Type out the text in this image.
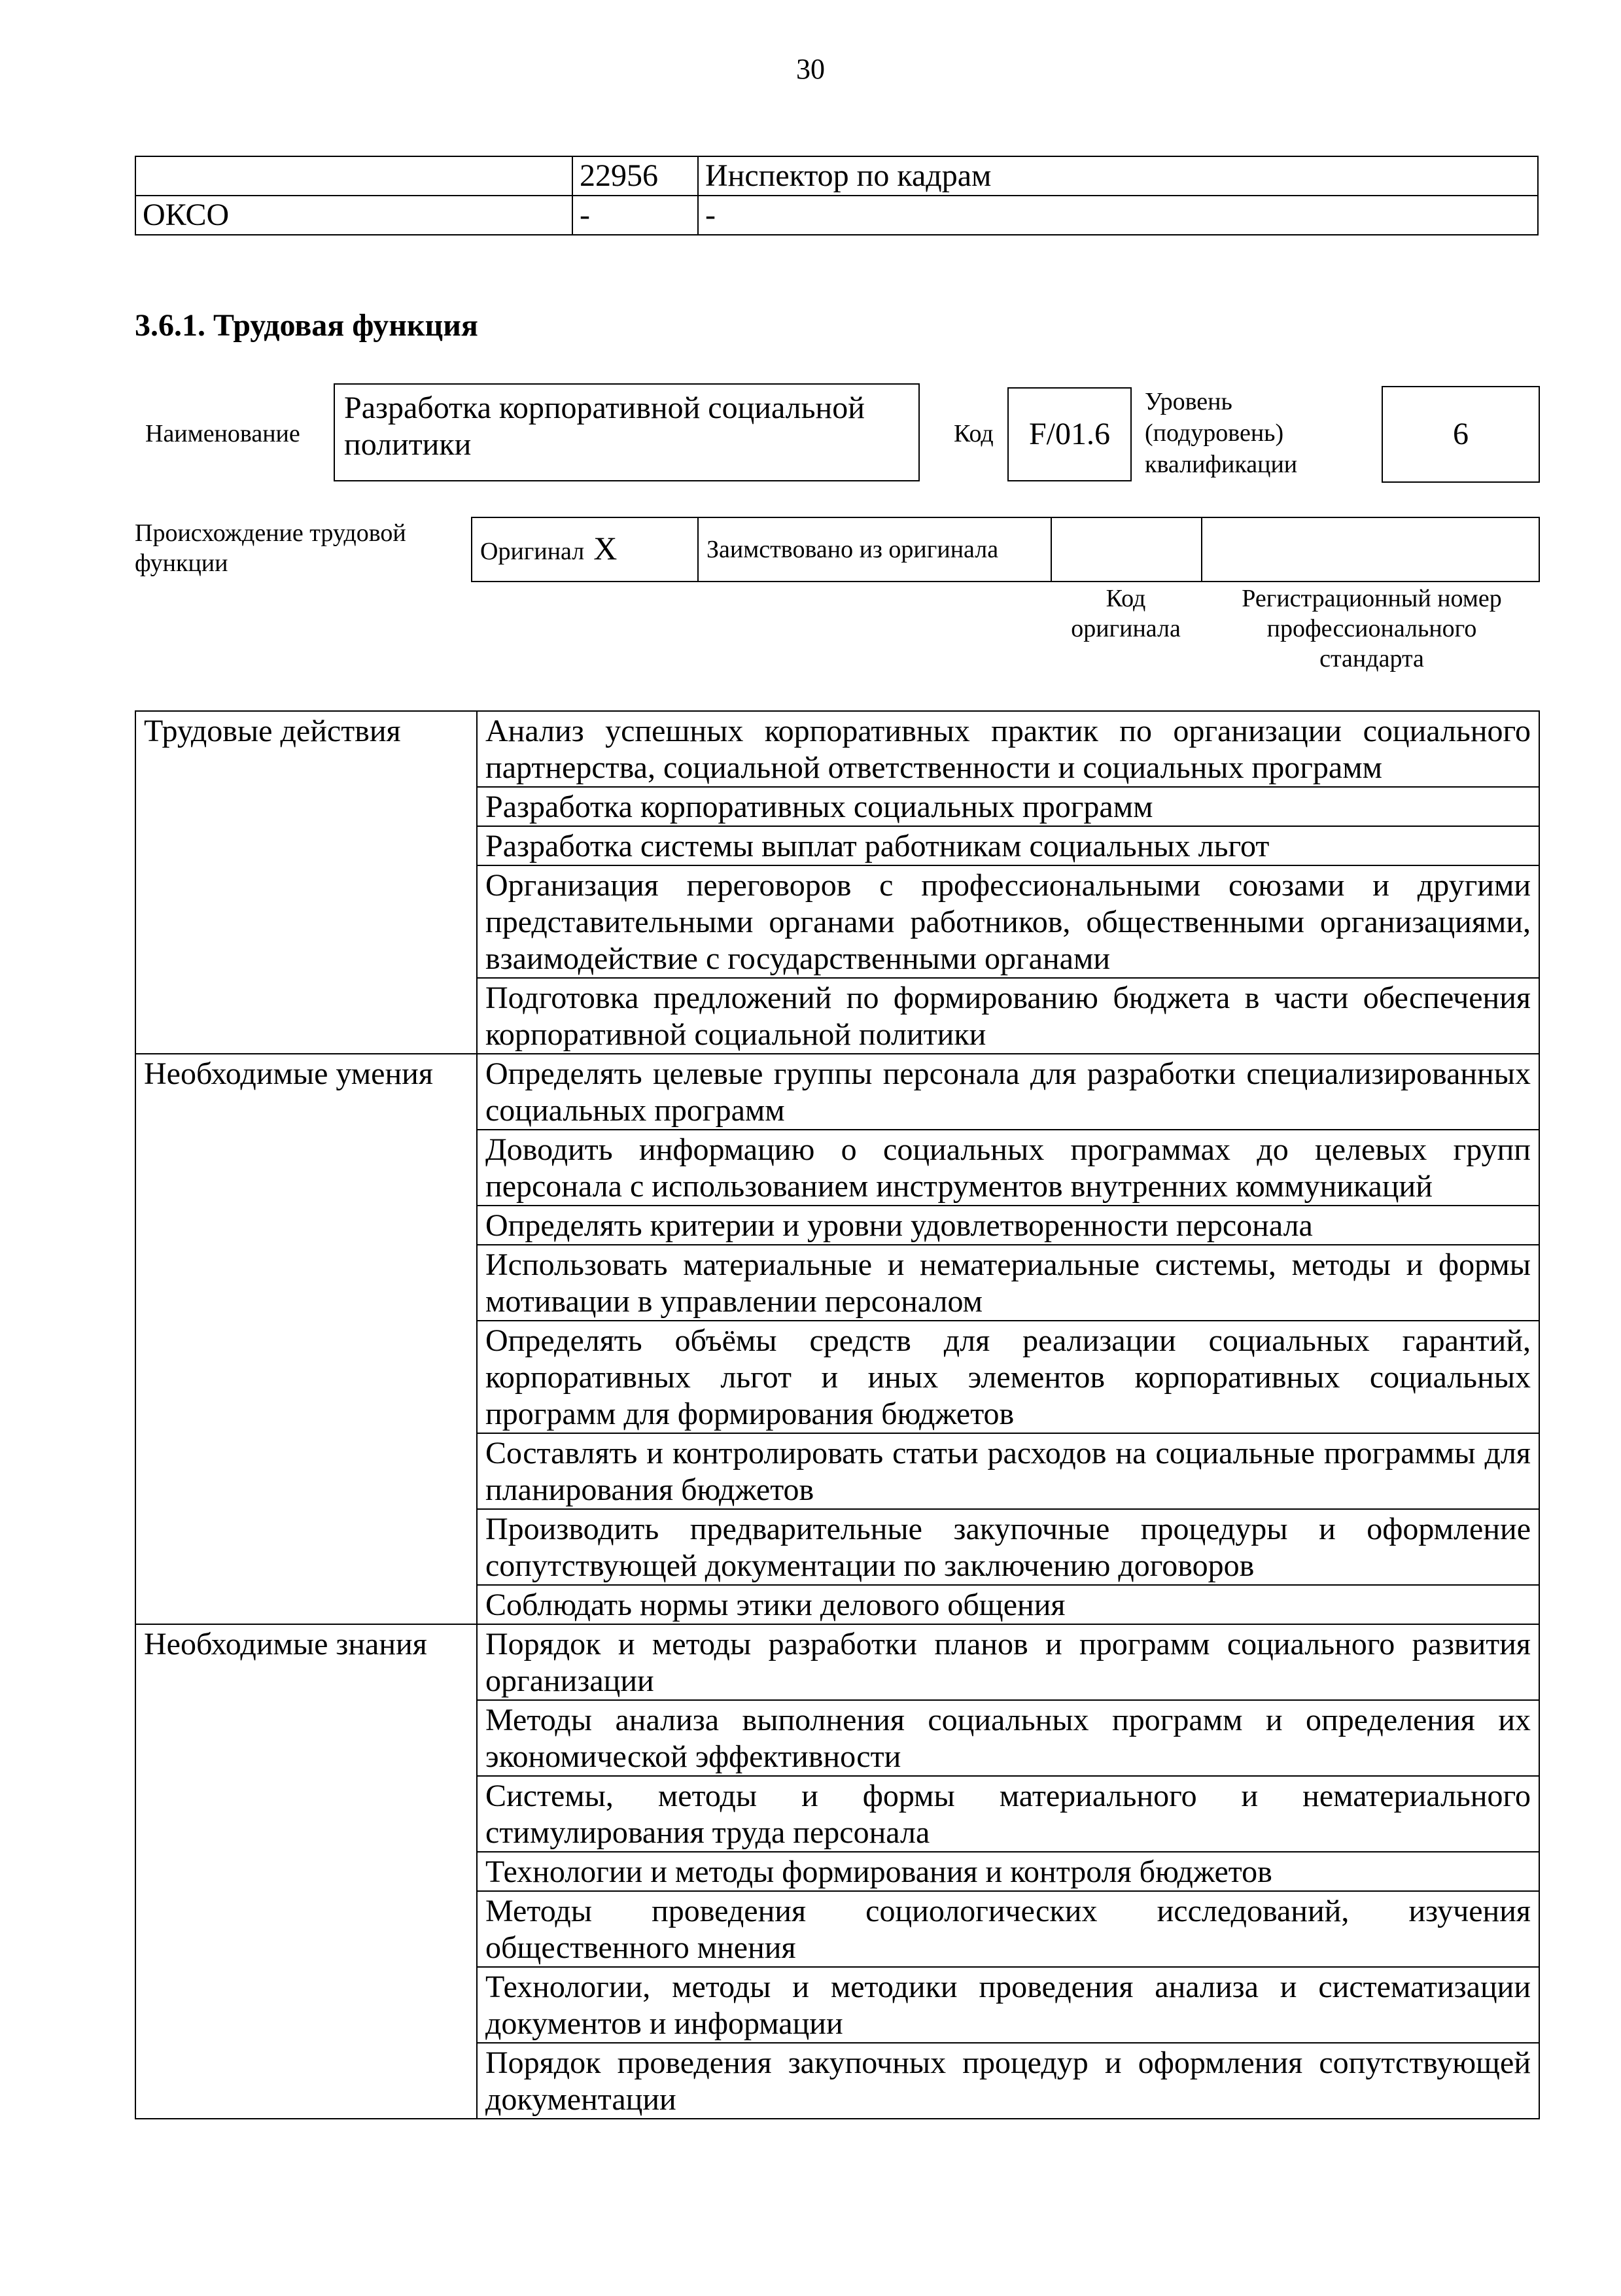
30
	22956	Инспектор по кадрам
ОКСО	-	-
3.6.1. Трудовая функция
Наименование
Разработка корпоративной социальной политики	Код	F/01.6
Уровень
(подуровень)
квалификации
6
Происхождение трудовой
функции	Оригинал X	Заимствовано из оригинала		
Код
оригинала
Регистрационный номер
профессионального
стандарта
Трудовые действия	Анализ успешных корпоративных практик по организации социального партнерства, социальной ответственности и социальных программ
	Разработка корпоративных социальных программ
	Разработка системы выплат работникам социальных льгот
	Организация переговоров с профессиональными союзами и другими представительными органами работников, общественными организациями, взаимодействие с государственными органами
	Подготовка предложений по формированию бюджета в части обеспечения корпоративной социальной политики
Необходимые умения	Определять целевые группы персонала для разработки специализированных социальных программ
	Доводить информацию о социальных программах до целевых групп персонала с использованием инструментов внутренних коммуникаций
	Определять критерии и уровни удовлетворенности персонала
	Использовать материальные и нематериальные системы, методы и формы мотивации в управлении персоналом
	Определять объёмы средств для реализации социальных гарантий, корпоративных льгот и иных элементов корпоративных социальных программ для формирования бюджетов
	Составлять и контролировать статьи расходов на социальные программы для планирования бюджетов
	Производить предварительные закупочные процедуры и оформление сопутствующей документации по заключению договоров
	Соблюдать нормы этики делового общения
Необходимые знания	Порядок и методы разработки планов и программ социального развития организации
	Методы анализа выполнения социальных программ и определения их экономической эффективности
	Системы, методы и формы материального и нематериального стимулирования труда персонала
	Технологии и методы формирования и контроля бюджетов
	Методы проведения социологических исследований, изучения общественного мнения
	Технологии, методы и методики проведения анализа и систематизации документов и информации
	Порядок проведения закупочных процедур и оформления сопутствующей документации
